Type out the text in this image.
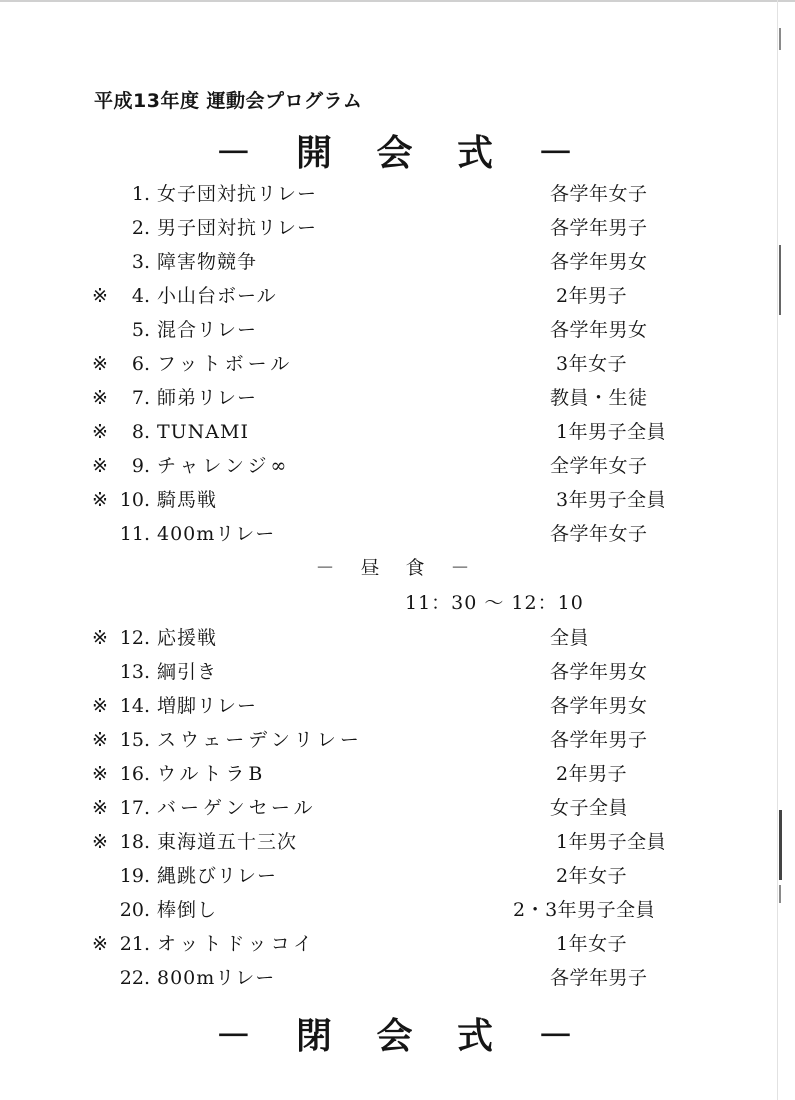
平成13年度 運動会プログラム
－ 開 会 式 －
1. 女子団対抗リレー	各学年女子
2. 男子団対抗リレー	各学年男子
3. 障害物競争	各学年男女
※	4. 小山台ボール	2年男子
5. 混合リレー	各学年男女
※	6. フットボール	3年女子
※	7. 師弟リレー	教員・生徒
※	8. TUNAMI	1年男子全員
※	9. チャレンジ∞	全学年女子
※ 10. 騎馬戦	3年男子全員
11. 400mリレー	各学年女子
－ 昼 食 －
11：30 ～ 12：10
※ 12. 応援戦	全員
13. 綱引き	各学年男女
※ 14. 増脚リレー	各学年男女
※ 15. スウェーデンリレー	各学年男子
※ 16. ウルトラB	2年男子
※ 17. バーゲンセール	女子全員
※ 18. 東海道五十三次	1年男子全員
19. 縄跳びリレー	2年女子
20. 棒倒し	2・3年男子全員
※ 21. オットドッコイ	1年女子
22. 800mリレー	各学年男子
－ 閉 会 式 －
